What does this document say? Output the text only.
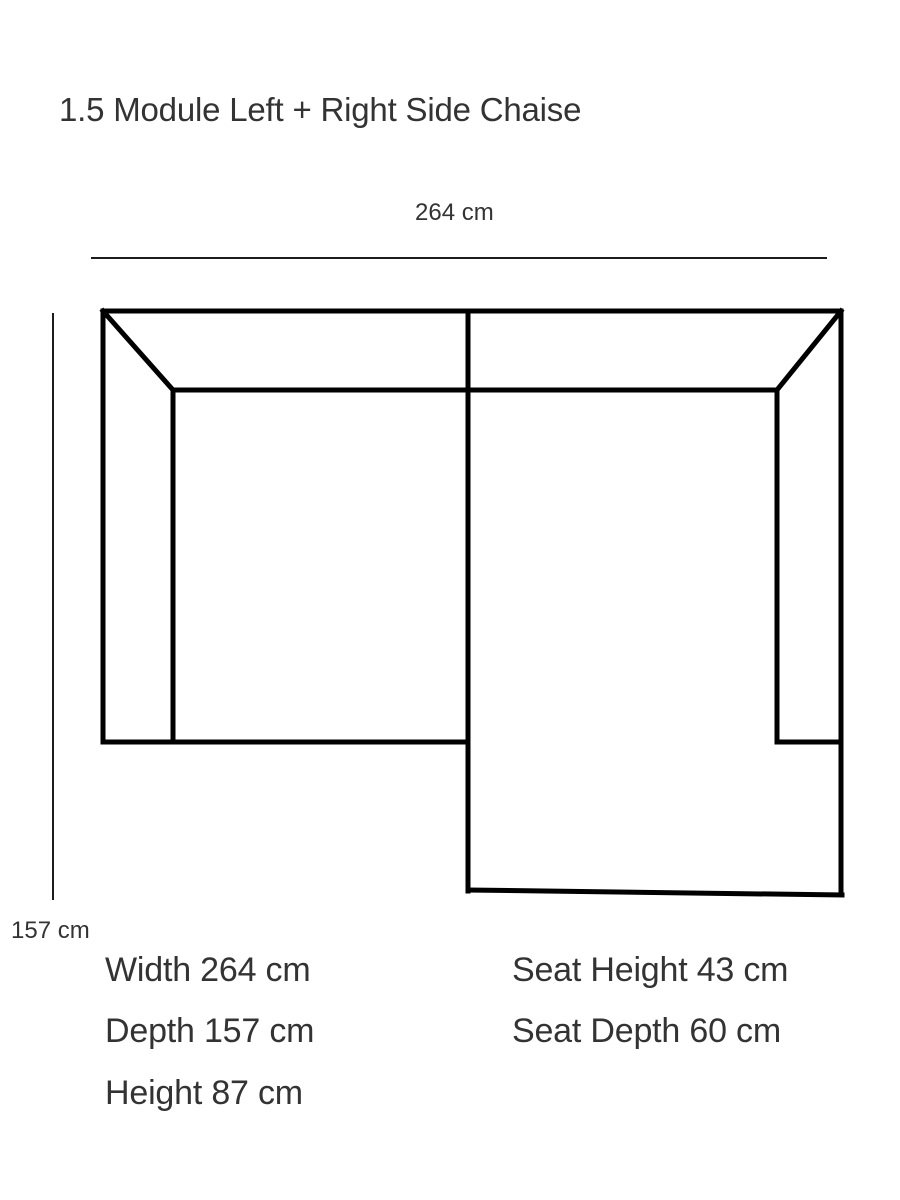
1.5 Module Left + Right Side Chaise
264 cm
157 cm
Width 264 cm
Depth 157 cm
Height 87 cm
Seat Height 43 cm
Seat Depth 60 cm
